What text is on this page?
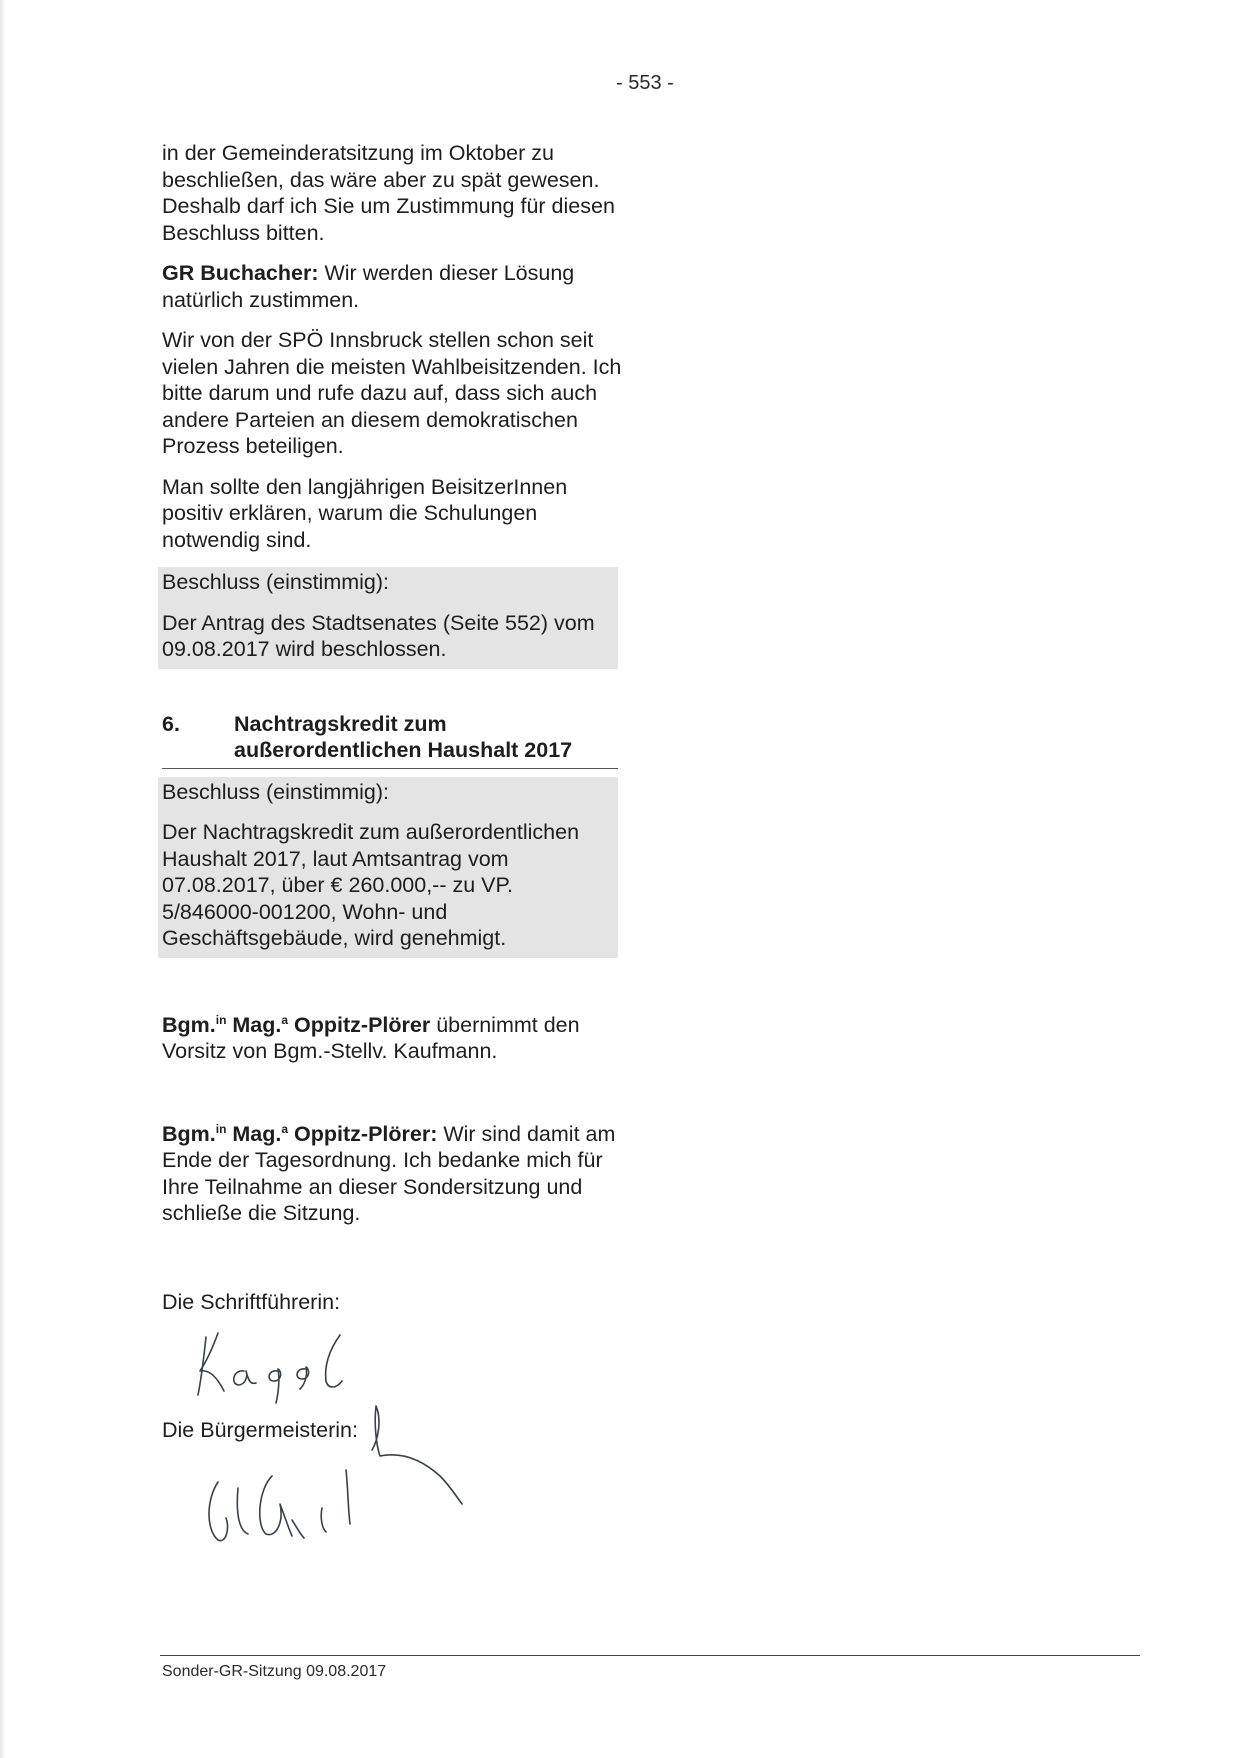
- 553 -

in der Gemeinderatsitzung im Oktober zu beschließen, das wäre aber zu spät gewesen. Deshalb darf ich Sie um Zustimmung für diesen Beschluss bitten.

GR Buchacher: Wir werden dieser Lösung natürlich zustimmen.

Wir von der SPÖ Innsbruck stellen schon seit vielen Jahren die meisten Wahlbeisitzenden. Ich bitte darum und rufe dazu auf, dass sich auch andere Parteien an diesem demokratischen Prozess beteiligen.

Man sollte den langjährigen BeisitzerInnen positiv erklären, warum die Schulungen notwendig sind.

Beschluss (einstimmig):

Der Antrag des Stadtsenates (Seite 552) vom 09.08.2017 wird beschlossen.

6.	Nachtragskredit zum außerordentlichen Haushalt 2017

Beschluss (einstimmig):

Der Nachtragskredit zum außerordentlichen Haushalt 2017, laut Amtsantrag vom 07.08.2017, über € 260.000,-- zu VP. 5/846000-001200, Wohn- und Geschäftsgebäude, wird genehmigt.

Bgm.$^{in}$ Mag.$^a$ Oppitz-Plörer übernimmt den Vorsitz von Bgm.-Stellv. Kaufmann.

Bgm.$^{in}$ Mag.$^a$ Oppitz-Plörer: Wir sind damit am Ende der Tagesordnung. Ich bedanke mich für Ihre Teilnahme an dieser Sondersitzung und schließe die Sitzung.

Die Schriftführerin:
Die Bürgermeisterin:
Sonder-GR-Sitzung 09.08.2017
